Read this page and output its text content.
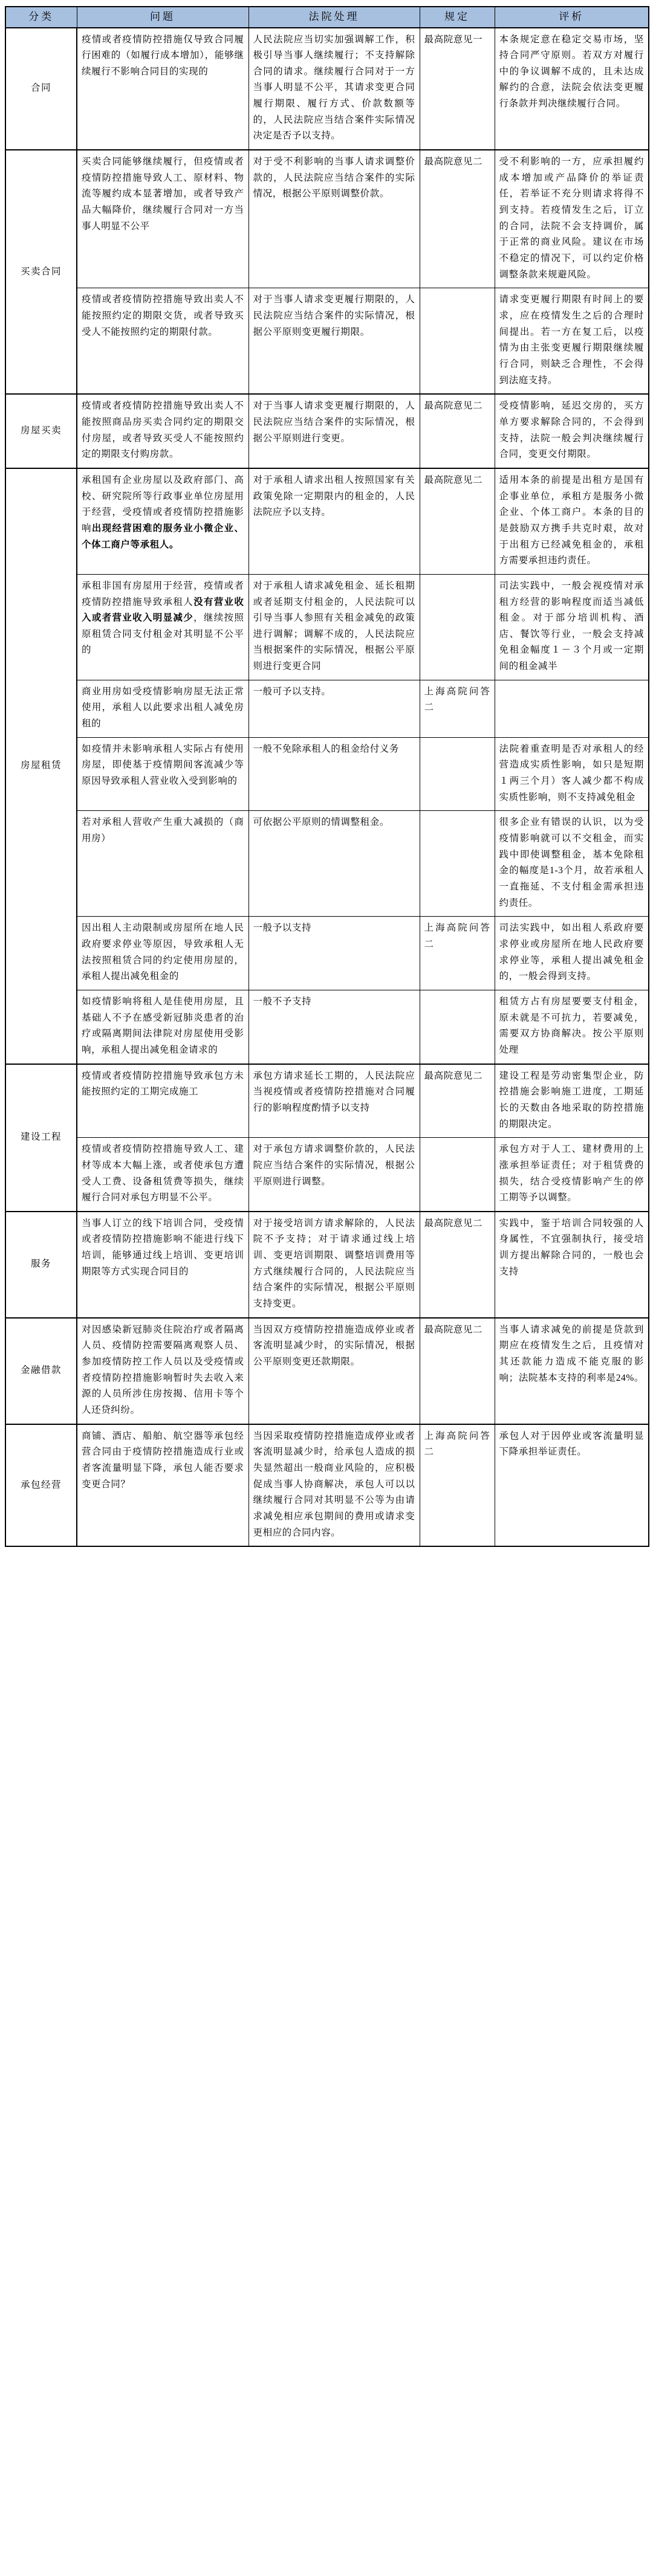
分类	问题	法院处理	规定	评析
合同	疫情或者疫情防控措施仅导致合同履行困难的（如履行成本增加），能够继续履行不影响合同目的实现的	人民法院应当切实加强调解工作，积极引导当事人继续履行；不支持解除合同的请求。继续履行合同对于一方当事人明显不公平，其请求变更合同履行期限、履行方式、价款数额等的，人民法院应当结合案件实际情况决定是否予以支持。	最高院意见一	本条规定意在稳定交易市场，坚持合同严守原则。若双方对履行中的争议调解不成的，且未达成解约的合意，法院会依法变更履行条款并判决继续履行合同。
买卖合同	买卖合同能够继续履行，但疫情或者疫情防控措施导致人工、原材料、物流等履约成本显著增加，或者导致产品大幅降价，继续履行合同对一方当事人明显不公平	对于受不利影响的当事人请求调整价款的，人民法院应当结合案件的实际情况，根据公平原则调整价款。	最高院意见二	受不利影响的一方，应承担履约成本增加或产品降价的举证责任，若举证不充分则请求将得不到支持。若疫情发生之后，订立的合同，法院不会支持调价，属于正常的商业风险。建议在市场不稳定的情况下，可以约定价格调整条款来规避风险。
	疫情或者疫情防控措施导致出卖人不能按照约定的期限交货，或者导致买受人不能按照约定的期限付款。	对于当事人请求变更履行期限的，人民法院应当结合案件的实际情况，根据公平原则变更履行期限。		请求变更履行期限有时间上的要求，应在疫情发生之后的合理时间提出。若一方在复工后，以疫情为由主张变更履行期限继续履行合同，则缺乏合理性，不会得到法庭支持。
房屋买卖	疫情或者疫情防控措施导致出卖人不能按照商品房买卖合同约定的期限交付房屋，或者导致买受人不能按照约定的期限支付购房款。	对于当事人请求变更履行期限的，人民法院应当结合案件的实际情况，根据公平原则进行变更。	最高院意见二	受疫情影响，延迟交房的，买方单方要求解除合同的，不会得到支持，法院一般会判决继续履行合同，变更交付期限。
房屋租赁	承租国有企业房屋以及政府部门、高校、研究院所等行政事业单位房屋用于经营，受疫情或者疫情防控措施影响出现经营困难的服务业小微企业、个体工商户等承租人。	对于承租人请求出租人按照国家有关政策免除一定期限内的租金的，人民法院应予以支持。	最高院意见二	适用本条的前提是出租方是国有企事业单位，承租方是服务小微企业、个体工商户。本条的目的是鼓励双方携手共克时艰，故对于出租方已经减免租金的，承租方需要承担违约责任。
	承租非国有房屋用于经营，疫情或者疫情防控措施导致承租人没有营业收入或者营业收入明显减少，继续按照原租赁合同支付租金对其明显不公平的	对于承租人请求减免租金、延长租期或者延期支付租金的，人民法院可以引导当事人参照有关租金减免的政策进行调解；调解不成的，人民法院应当根据案件的实际情况，根据公平原则进行变更合同		司法实践中，一般会视疫情对承租方经营的影响程度而适当减低租金。对于部分培训机构、酒店、餐饮等行业，一般会支持减免租金幅度１－３个月或一定期间的租金减半
	商业用房如受疫情影响房屋无法正常使用，承租人以此要求出租人减免房租的	一般可予以支持。	上海高院问答二	
	如疫情并未影响承租人实际占有使用房屋，即使基于疫情期间客流减少等原因导致承租人营业收入受到影响的	一般不免除承租人的租金给付义务		法院着重查明是否对承租人的经营造成实质性影响，如只是短期１两三个月）客人减少都不构成实质性影响，则不支持减免租金
	若对承租人营收产生重大减损的（商用房）	可依据公平原则的情调整租金。		很多企业有错误的认识，以为受疫情影响就可以不交租金，而实践中即使调整租金，基本免除租金的幅度是1-3个月，故若承租人一直拖延、不支付租金需承担违约责任。
	因出租人主动限制或房屋所在地人民政府要求停业等原因，导致承租人无法按照租赁合同的约定使用房屋的，承租人提出减免租金的	一般予以支持	上海高院问答二	司法实践中，如出租人系政府要求停业或房屋所在地人民政府要求停业等，承租人提出减免租金的，一般会得到支持。
	如疫情影响将租人是佳使用房屋，且基础人不予在感受新冠肺炎患者的治疗或隔离期间法律院对房屋使用受影响，承租人提出减免租金请求的	一般不予支持		租赁方占有房屋要要支付租金，原未就是不可抗力，若要减免，需要双方协商解决。按公平原则处理
建设工程	疫情或者疫情防控措施导致承包方未能按照约定的工期完成施工	承包方请求延长工期的，人民法院应当视疫情或者疫情防控措施对合同履行的影响程度酌情予以支持	最高院意见二	建设工程是劳动密集型企业，防控措施会影响施工进度，工期延长的天数由各地采取的防控措施的期限决定。
	疫情或者疫情防控措施导致人工、建材等成本大幅上涨，或者使承包方遭受人工费、设备租赁费等损失，继续履行合同对承包方明显不公平。	对于承包方请求调整价款的，人民法院应当结合案件的实际情况，根据公平原则进行调整。		承包方对于人工、建材费用的上涨承担举证责任；对于租赁费的损失，结合受疫情影响产生的停工期等予以调整。
服务	当事人订立的线下培训合同，受疫情或者疫情防控措施影响不能进行线下培训，能够通过线上培训、变更培训期限等方式实现合同目的	对于接受培训方请求解除的，人民法院不予支持；对于请求通过线上培训、变更培训期限、调整培训费用等方式继续履行合同的，人民法院应当结合案件的实际情况，根据公平原则支持变更。	最高院意见二	实践中，鉴于培训合同较强的人身属性，不宜强制执行，接受培训方提出解除合同的，一般也会支持
金融借款	对因感染新冠肺炎住院治疗或者隔离人员、疫情防控需要隔离观察人员、参加疫情防控工作人员以及受疫情或者疫情防控措施影响暂时失去收入来源的人员所涉住房按揭、信用卡等个人还贷纠纷。	当因双方疫情防控措施造成停业或者客流明显减少时，的实际情况，根据公平原则变更还款期限。	最高院意见二	当事人请求减免的前提是贷款到期应在疫情发生之后，且疫情对其还款能力造成不能克服的影响；法院基本支持的利率是24%。
承包经营	商铺、酒店、船舶、航空器等承包经营合同由于疫情防控措施造成行业或者客流量明显下降，承包人能否要求变更合同？	当因采取疫情防控措施造成停业或者客流明显减少时，给承包人造成的损失显然超出一般商业风险的，应积极促成当事人协商解决，承包人可以以继续履行合同对其明显不公等为由请求减免相应承包期间的费用或请求变更相应的合同内容。	上海高院问答二	承包人对于因停业或客流量明显下降承担举证责任。
